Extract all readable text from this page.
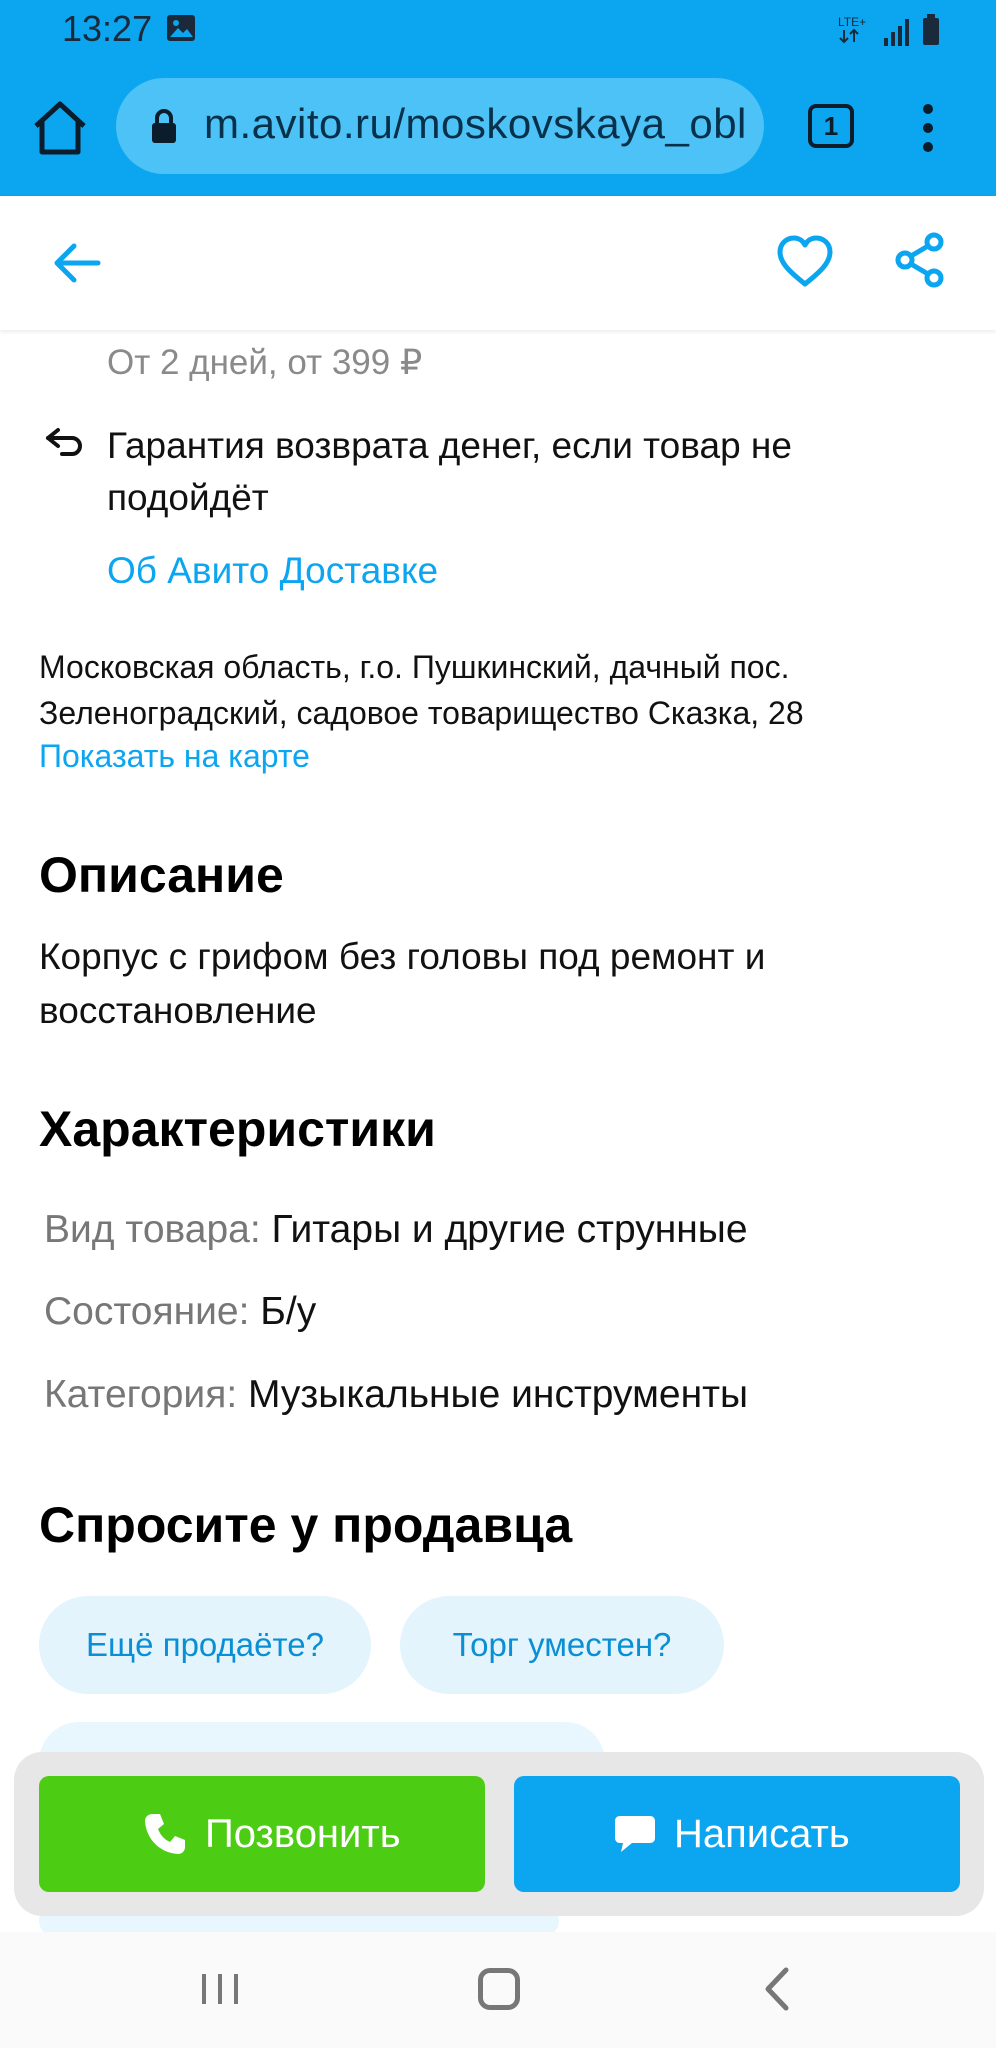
13:27	LTE+
m.avito.ru/moskovskaya_obl	1
От 2 дней, от 399 ₽
Гарантия возврата денег, если товар не подойдёт
Об Авито Доставке
Московская область, г.о. Пушкинский, дачный пос. Зеленоградский, садовое товарищество Сказка, 28
Показать на карте
Описание
Корпус с грифом без головы под ремонт и восстановление
Характеристики
Вид товара: Гитары и другие струнные
Состояние: Б/у
Категория: Музыкальные инструменты
Спросите у продавца
Ещё продаёте?	Торг уместен?
Позвонить	Написать
